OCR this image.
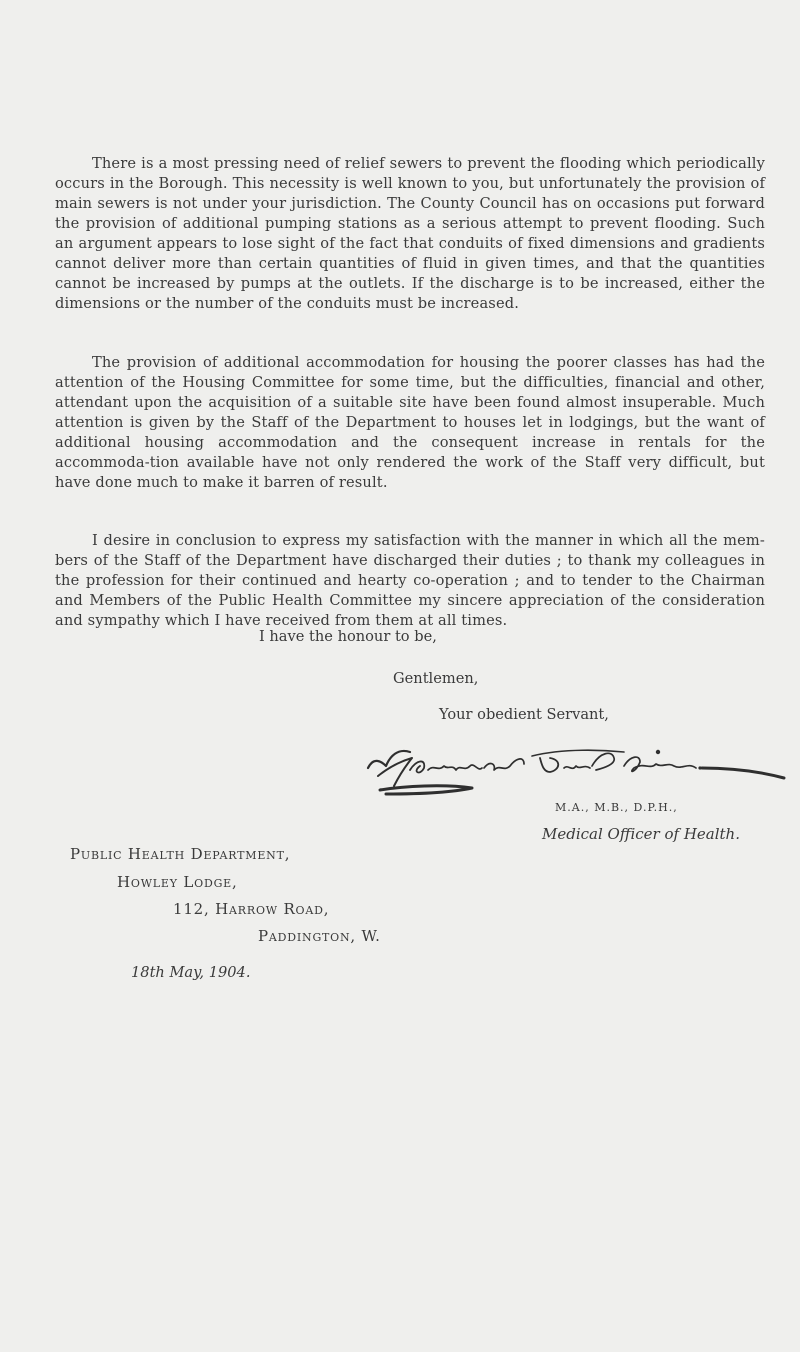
There is a most pressing need of relief sewers to prevent the flooding which periodically occurs in the Borough. This necessity is well known to you, but unfortunately the provision of main sewers is not under your jurisdiction. The County Council has on occasions put forward the provision of additional pumping stations as a serious attempt to prevent flooding. Such an argument appears to lose sight of the fact that conduits of fixed dimensions and gradients cannot deliver more than certain quantities of fluid in given times, and that the quantities cannot be increased by pumps at the outlets. If the discharge is to be increased, either the dimensions or the number of the conduits must be increased.

The provision of additional accommodation for housing the poorer classes has had the attention of the Housing Committee for some time, but the difficulties, financial and other, attendant upon the acquisition of a suitable site have been found almost insuperable. Much attention is given by the Staff of the Department to houses let in lodgings, but the want of additional housing accommodation and the consequent increase in rentals for the accommoda-tion available have not only rendered the work of the Staff very difficult, but have done much to make it barren of result.

I desire in conclusion to express my satisfaction with the manner in which all the mem-bers of the Staff of the Department have discharged their duties ; to thank my colleagues in the profession for their continued and hearty co-operation ; and to tender to the Chairman and Members of the Public Health Committee my sincere appreciation of the consideration and sympathy which I have received from them at all times.

I have the honour to be,
Gentlemen,
Your obedient Servant,
M.A., M.B., D.P.H.,
Medical Officer of Health.
Public Health Department,
Howley Lodge,
112, Harrow Road,
Paddington, W.
18th May, 1904.
